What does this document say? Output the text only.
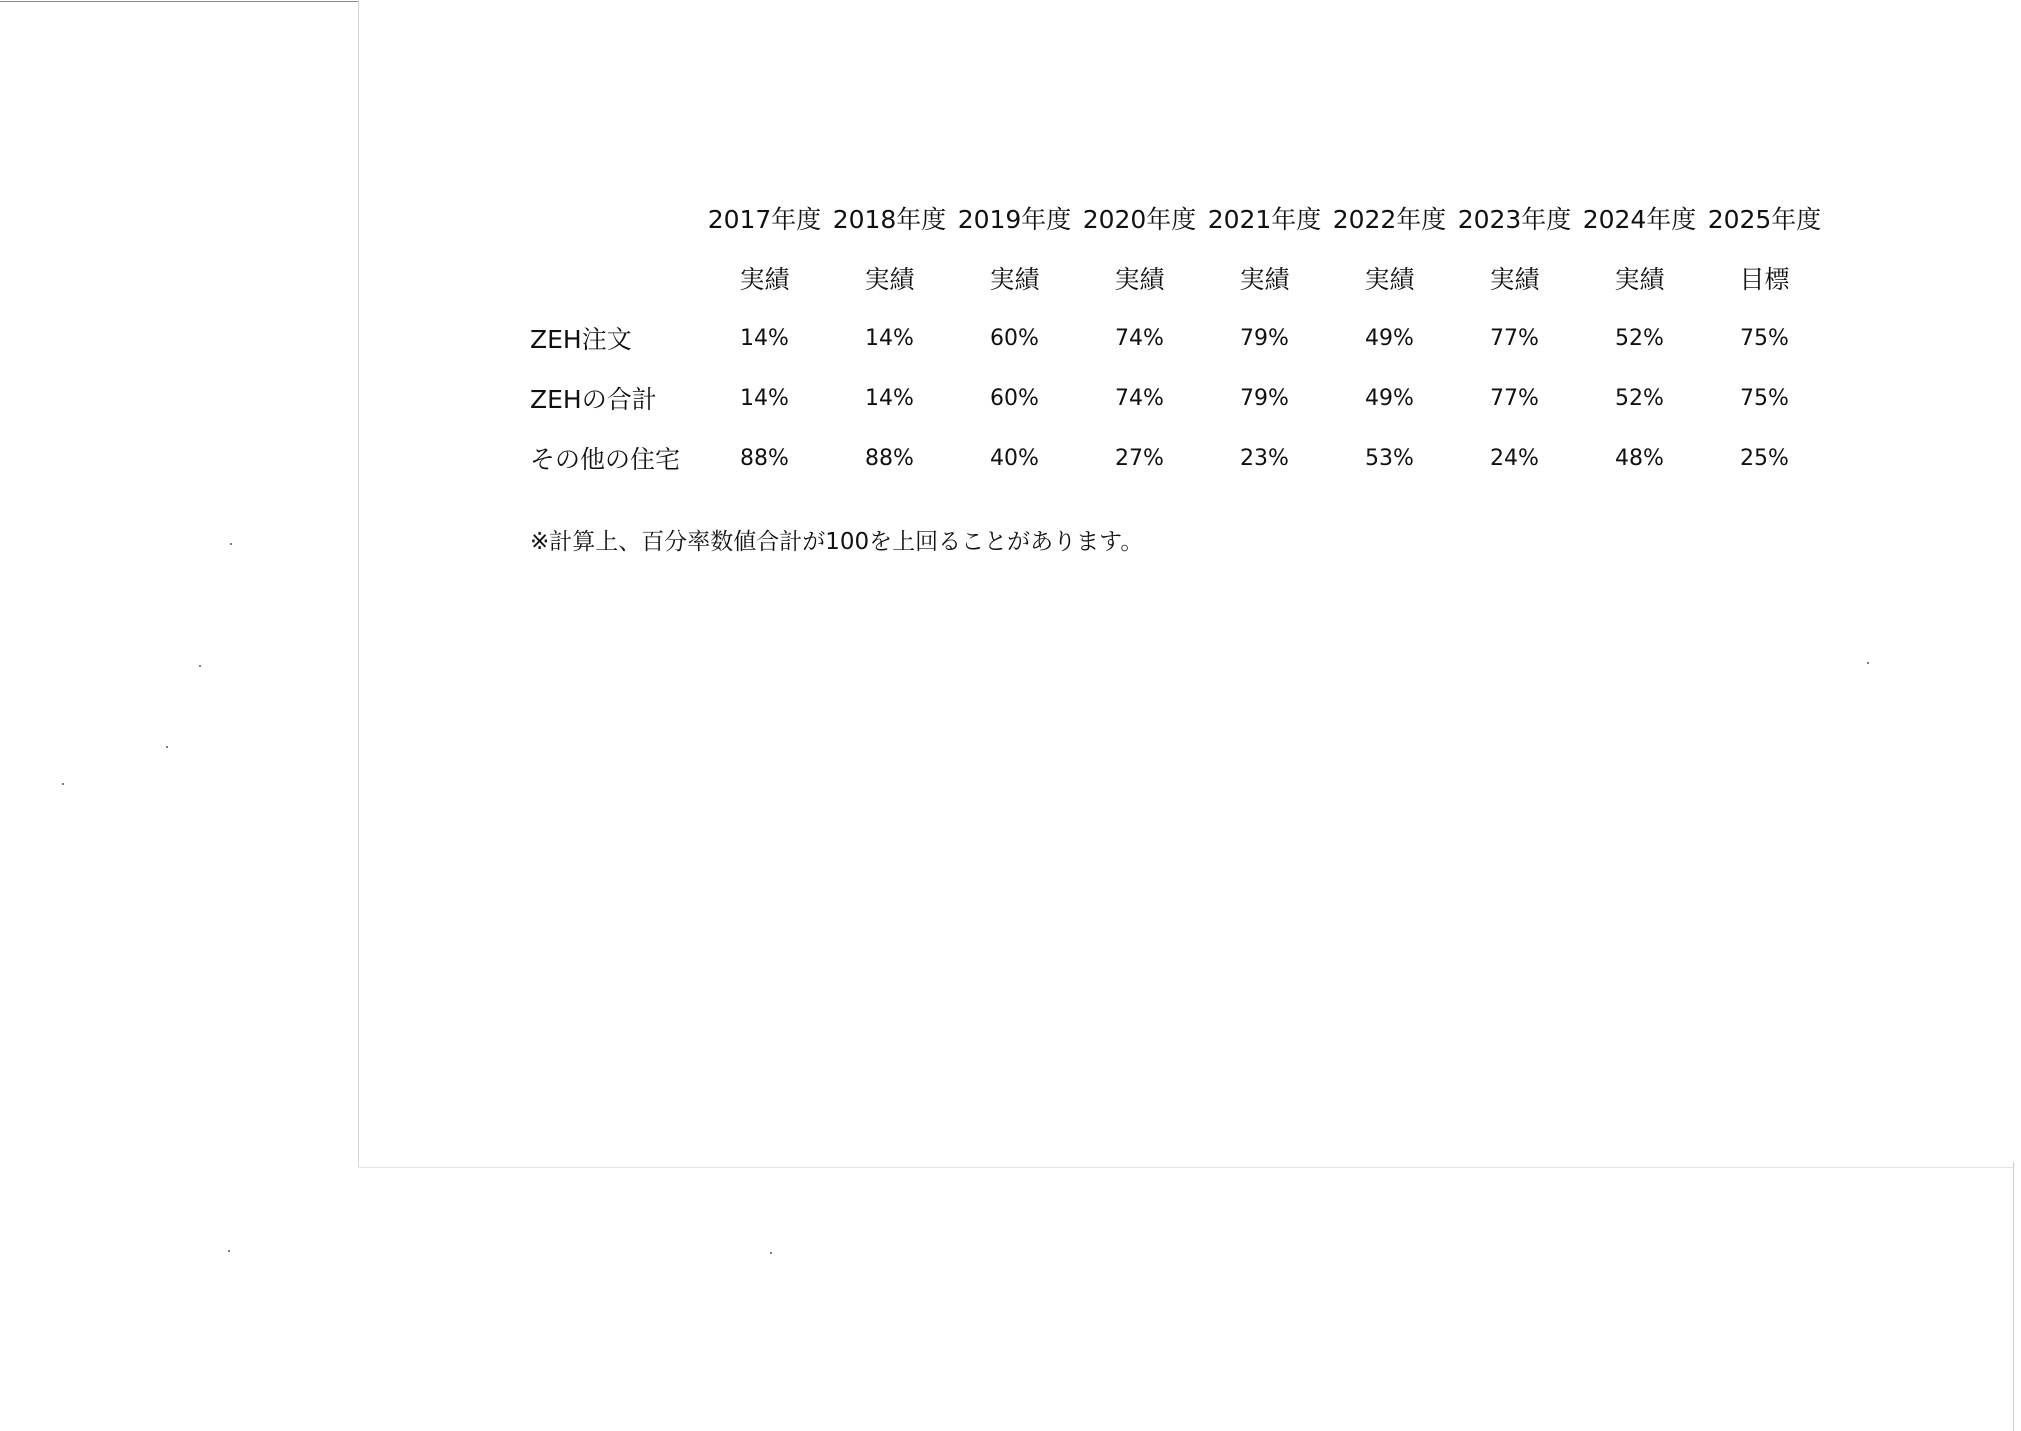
	2017年度	2018年度	2019年度	2020年度	2021年度	2022年度	2023年度	2024年度	2025年度
	実績	実績	実績	実績	実績	実績	実績	実績	目標
ZEH注文	14%	14%	60%	74%	79%	49%	77%	52%	75%
ZEHの合計	14%	14%	60%	74%	79%	49%	77%	52%	75%
その他の住宅	88%	88%	40%	27%	23%	53%	24%	48%	25%
※計算上、百分率数値合計が100を上回ることがあります。
